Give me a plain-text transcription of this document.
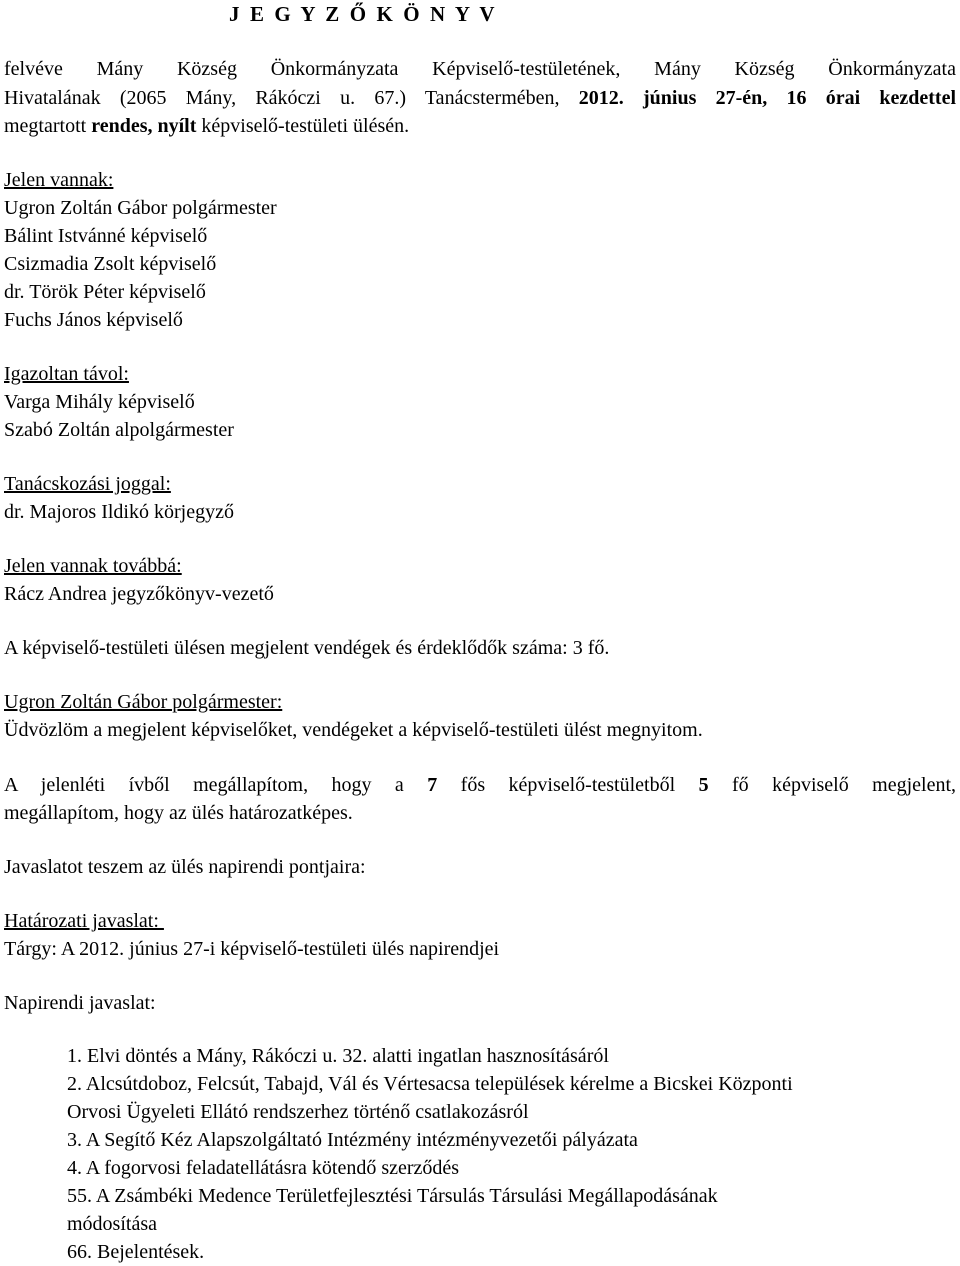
J E G Y Z Ő K Ö N Y V
felvéve Mány Község Önkormányzata Képviselő-testületének, Mány Község Önkormányzata
Hivatalának (2065 Mány, Rákóczi u. 67.) Tanácstermében, 2012. június 27-én, 16 órai kezdettel
megtartott rendes, nyílt képviselő-testületi ülésén.
Jelen vannak:
Ugron Zoltán Gábor polgármester
Bálint Istvánné képviselő
Csizmadia Zsolt képviselő
dr. Török Péter képviselő
Fuchs János képviselő
Igazoltan távol:
Varga Mihály képviselő
Szabó Zoltán alpolgármester
Tanácskozási joggal:
dr. Majoros Ildikó körjegyző
Jelen vannak továbbá:
Rácz Andrea jegyzőkönyv-vezető
A képviselő-testületi ülésen megjelent vendégek és érdeklődők száma: 3 fő.
Ugron Zoltán Gábor polgármester:
Üdvözlöm a megjelent képviselőket, vendégeket a képviselő-testületi ülést megnyitom.
A jelenléti ívből megállapítom, hogy a 7 fős képviselő-testületből 5 fő képviselő megjelent,
megállapítom, hogy az ülés határozatképes.
Javaslatot teszem az ülés napirendi pontjaira:
Határozati javaslat:
Tárgy: A 2012. június 27-i képviselő-testületi ülés napirendjei
Napirendi javaslat:
1. Elvi döntés a Mány, Rákóczi u. 32. alatti ingatlan hasznosításáról
2. Alcsútdoboz, Felcsút, Tabajd, Vál és Vértesacsa települések kérelme a Bicskei Központi
Orvosi Ügyeleti Ellátó rendszerhez történő csatlakozásról
3. A Segítő Kéz Alapszolgáltató Intézmény intézményvezetői pályázata
4. A fogorvosi feladatellátásra kötendő szerződés
55. A Zsámbéki Medence Területfejlesztési Társulás Társulási Megállapodásának
módosítása
66. Bejelentések.
